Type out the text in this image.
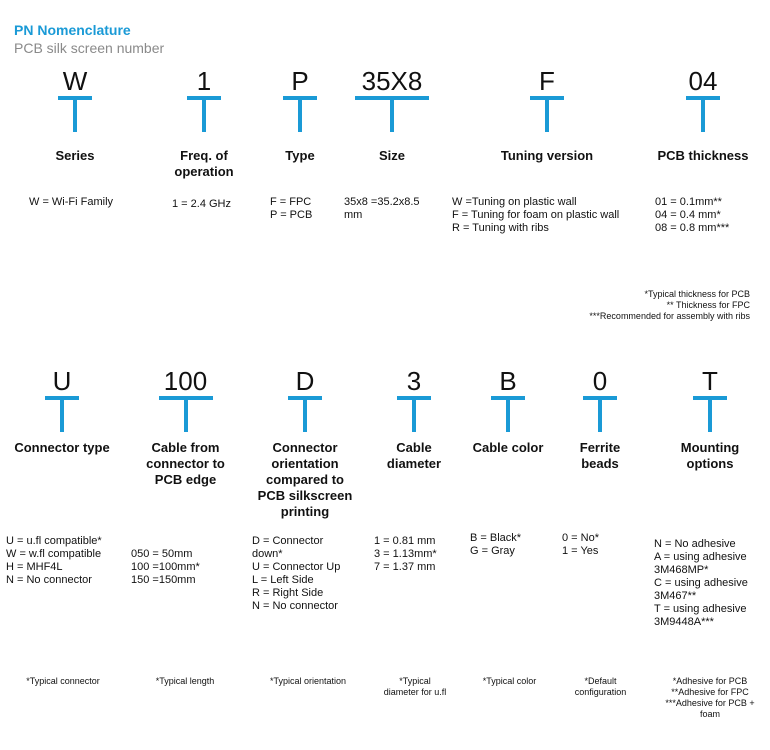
PN Nomenclature
PCB silk screen number
W
Series
W = Wi-Fi Family
1
Freq. of
operation
1 = 2.4 GHz
P
Type
F = FPC
P = PCB
35X8
Size
35x8 =35.2x8.5
mm
F
Tuning version
W =Tuning on plastic wall
F = Tuning for foam on plastic wall
R = Tuning with ribs
04
PCB thickness
01 = 0.1mm**
04 = 0.4 mm*
08 = 0.8 mm***
*Typical thickness for PCB
** Thickness for FPC
***Recommended for assembly with ribs
U
Connector type
U = u.fl compatible*
W = w.fl compatible
H = MHF4L
N = No connector
*Typical connector
100
Cable from
connector to
PCB edge
050 = 50mm
100 =100mm*
150 =150mm
*Typical length
D
Connector
orientation
compared to
PCB silkscreen
printing
D = Connector
down*
U = Connector Up
L = Left Side
R = Right Side
N = No connector
*Typical orientation
3
Cable
diameter
1 = 0.81 mm
3 = 1.13mm*
7 = 1.37 mm
*Typical
diameter for u.fl
B
Cable color
B = Black*
G = Gray
*Typical color
0
Ferrite
beads
0 = No*
1 = Yes
*Default
configuration
T
Mounting
options
N = No adhesive
A = using adhesive
3M468MP*
C = using adhesive
3M467**
T = using adhesive
3M9448A***
*Adhesive for PCB
**Adhesive for FPC
***Adhesive for PCB +
foam
